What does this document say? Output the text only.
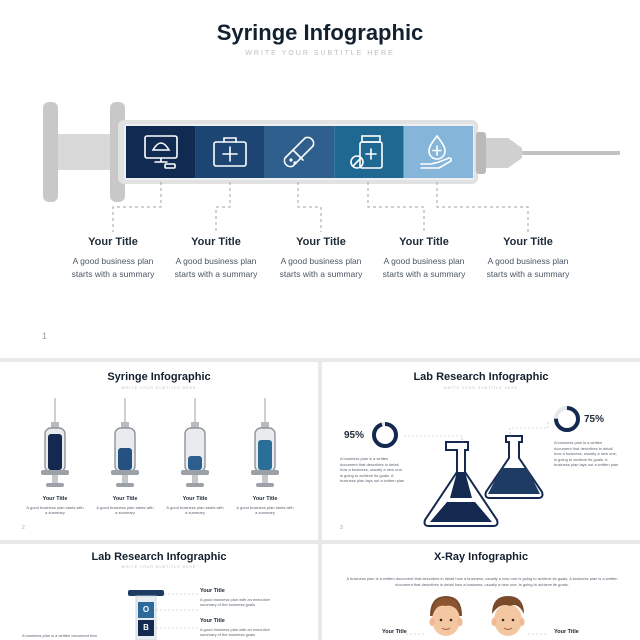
Syringe Infographic
WRITE YOUR SUBTITLE HERE
Your Title
A good business plan
starts with a summary
Your Title
A good business plan
starts with a summary
Your Title
A good business plan
starts with a summary
Your Title
A good business plan
starts with a summary
Your Title
A good business plan
starts with a summary
1
Syringe Infographic
WRITE YOUR SUBTITLE HERE
Your Title
A good business plan starts with
a summary
Your Title
A good business plan starts with
a summary
Your Title
A good business plan starts with
a summary
Your Title
A good business plan starts with
a summary
2
Lab Research Infographic
WRITE YOUR SUBTITLE HERE
95%
75%
A business plan is a written
document that describes in detail
how a business, usually a new one,
is going to achieve its goals. A
business plan lays out a written plan
A business plan is a written
document that describes in detail
how a business, usually a new one,
is going to achieve its goals. A
business plan lays out a written plan
3
Lab Research Infographic
WRITE YOUR SUBTITLE HERE
O
B
Your Title
A good business plan with an executive
summary of the business goals
Your Title
A good business plan with an executive
summary of the business goals
A business plan is a written document that
X-Ray Infographic
A business plan is a written document that describes in detail how a business, usually a new one is going to achieve its goals. A business plan is a written
document that describes in detail how a business, usually a new one, is going to achieve its goals.
Your Title	Your Title
